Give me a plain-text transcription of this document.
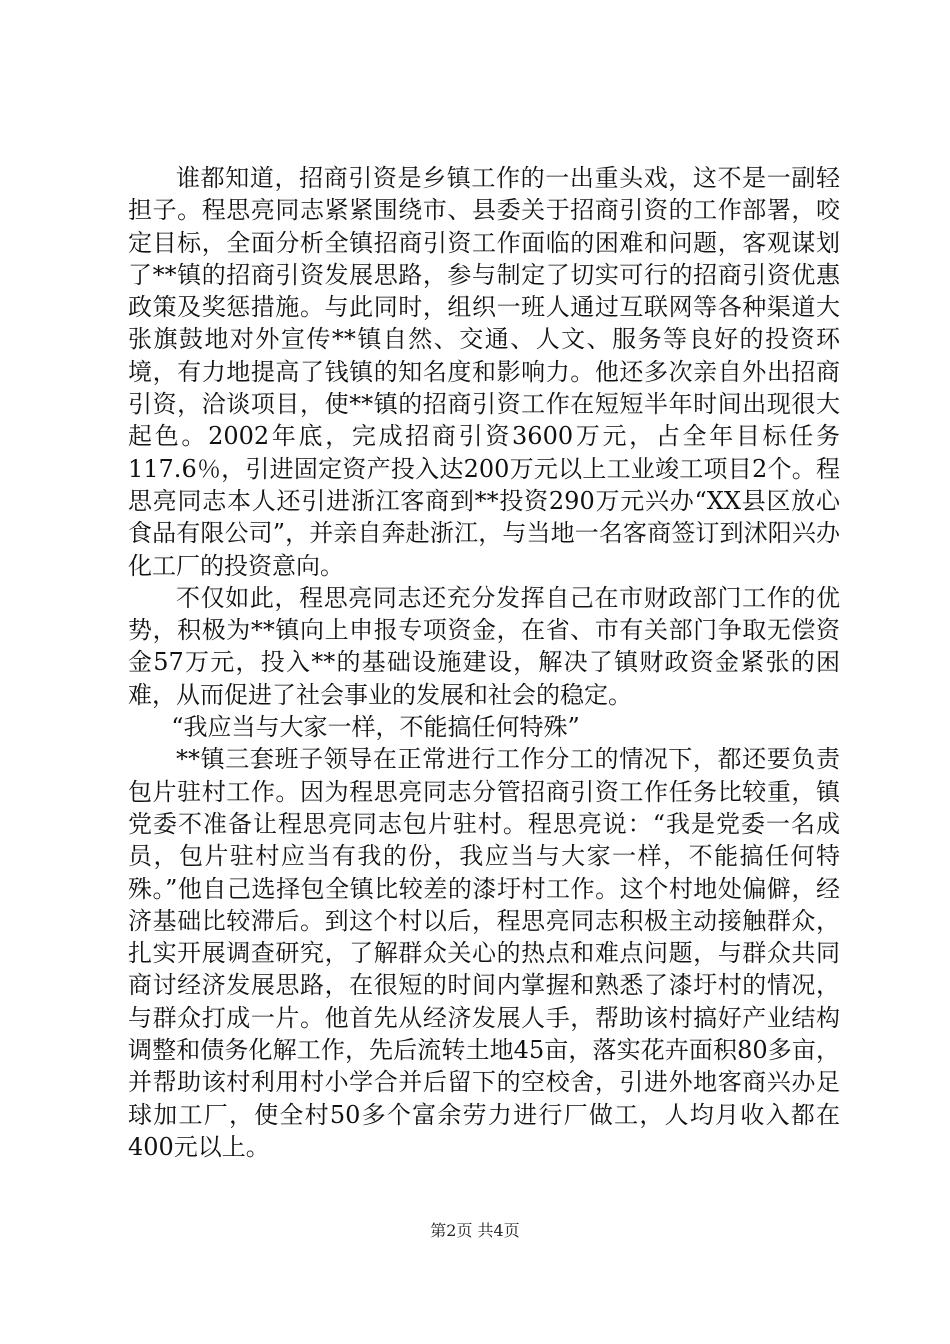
谁都知道，招商引资是乡镇工作的一出重头戏，这不是一副轻担子。程思亮同志紧紧围绕市、县委关于招商引资的工作部署，咬定目标，全面分析全镇招商引资工作面临的困难和问题，客观谋划了**镇的招商引资发展思路，参与制定了切实可行的招商引资优惠政策及奖惩措施。与此同时，组织一班人通过互联网等各种渠道大张旗鼓地对外宣传**镇自然、交通、人文、服务等良好的投资环境，有力地提高了钱镇的知名度和影响力。他还多次亲自外出招商引资，洽谈项目，使**镇的招商引资工作在短短半年时间出现很大起色。2002年底，完成招商引资3600万元，占全年目标任务117.6％，引进固定资产投入达200万元以上工业竣工项目2个。程思亮同志本人还引进浙江客商到**投资290万元兴办“XX县区放心食品有限公司”，并亲自奔赴浙江，与当地一名客商签订到沭阳兴办化工厂的投资意向。

不仅如此，程思亮同志还充分发挥自己在市财政部门工作的优势，积极为**镇向上申报专项资金，在省、市有关部门争取无偿资金57万元，投入**的基础设施建设，解决了镇财政资金紧张的困难，从而促进了社会事业的发展和社会的稳定。

“我应当与大家一样，不能搞任何特殊”

**镇三套班子领导在正常进行工作分工的情况下，都还要负责包片驻村工作。因为程思亮同志分管招商引资工作任务比较重，镇党委不准备让程思亮同志包片驻村。程思亮说：“我是党委一名成员，包片驻村应当有我的份，我应当与大家一样，不能搞任何特殊。”他自己选择包全镇比较差的漆圩村工作。这个村地处偏僻，经济基础比较滞后。到这个村以后，程思亮同志积极主动接触群众，扎实开展调查研究，了解群众关心的热点和难点问题，与群众共同商讨经济发展思路，在很短的时间内掌握和熟悉了漆圩村的情况，与群众打成一片。他首先从经济发展人手，帮助该村搞好产业结构调整和债务化解工作，先后流转土地45亩，落实花卉面积80多亩，并帮助该村利用村小学合并后留下的空校舍，引进外地客商兴办足球加工厂，使全村50多个富余劳力进行厂做工，人均月收入都在400元以上。

第2页 共4页
